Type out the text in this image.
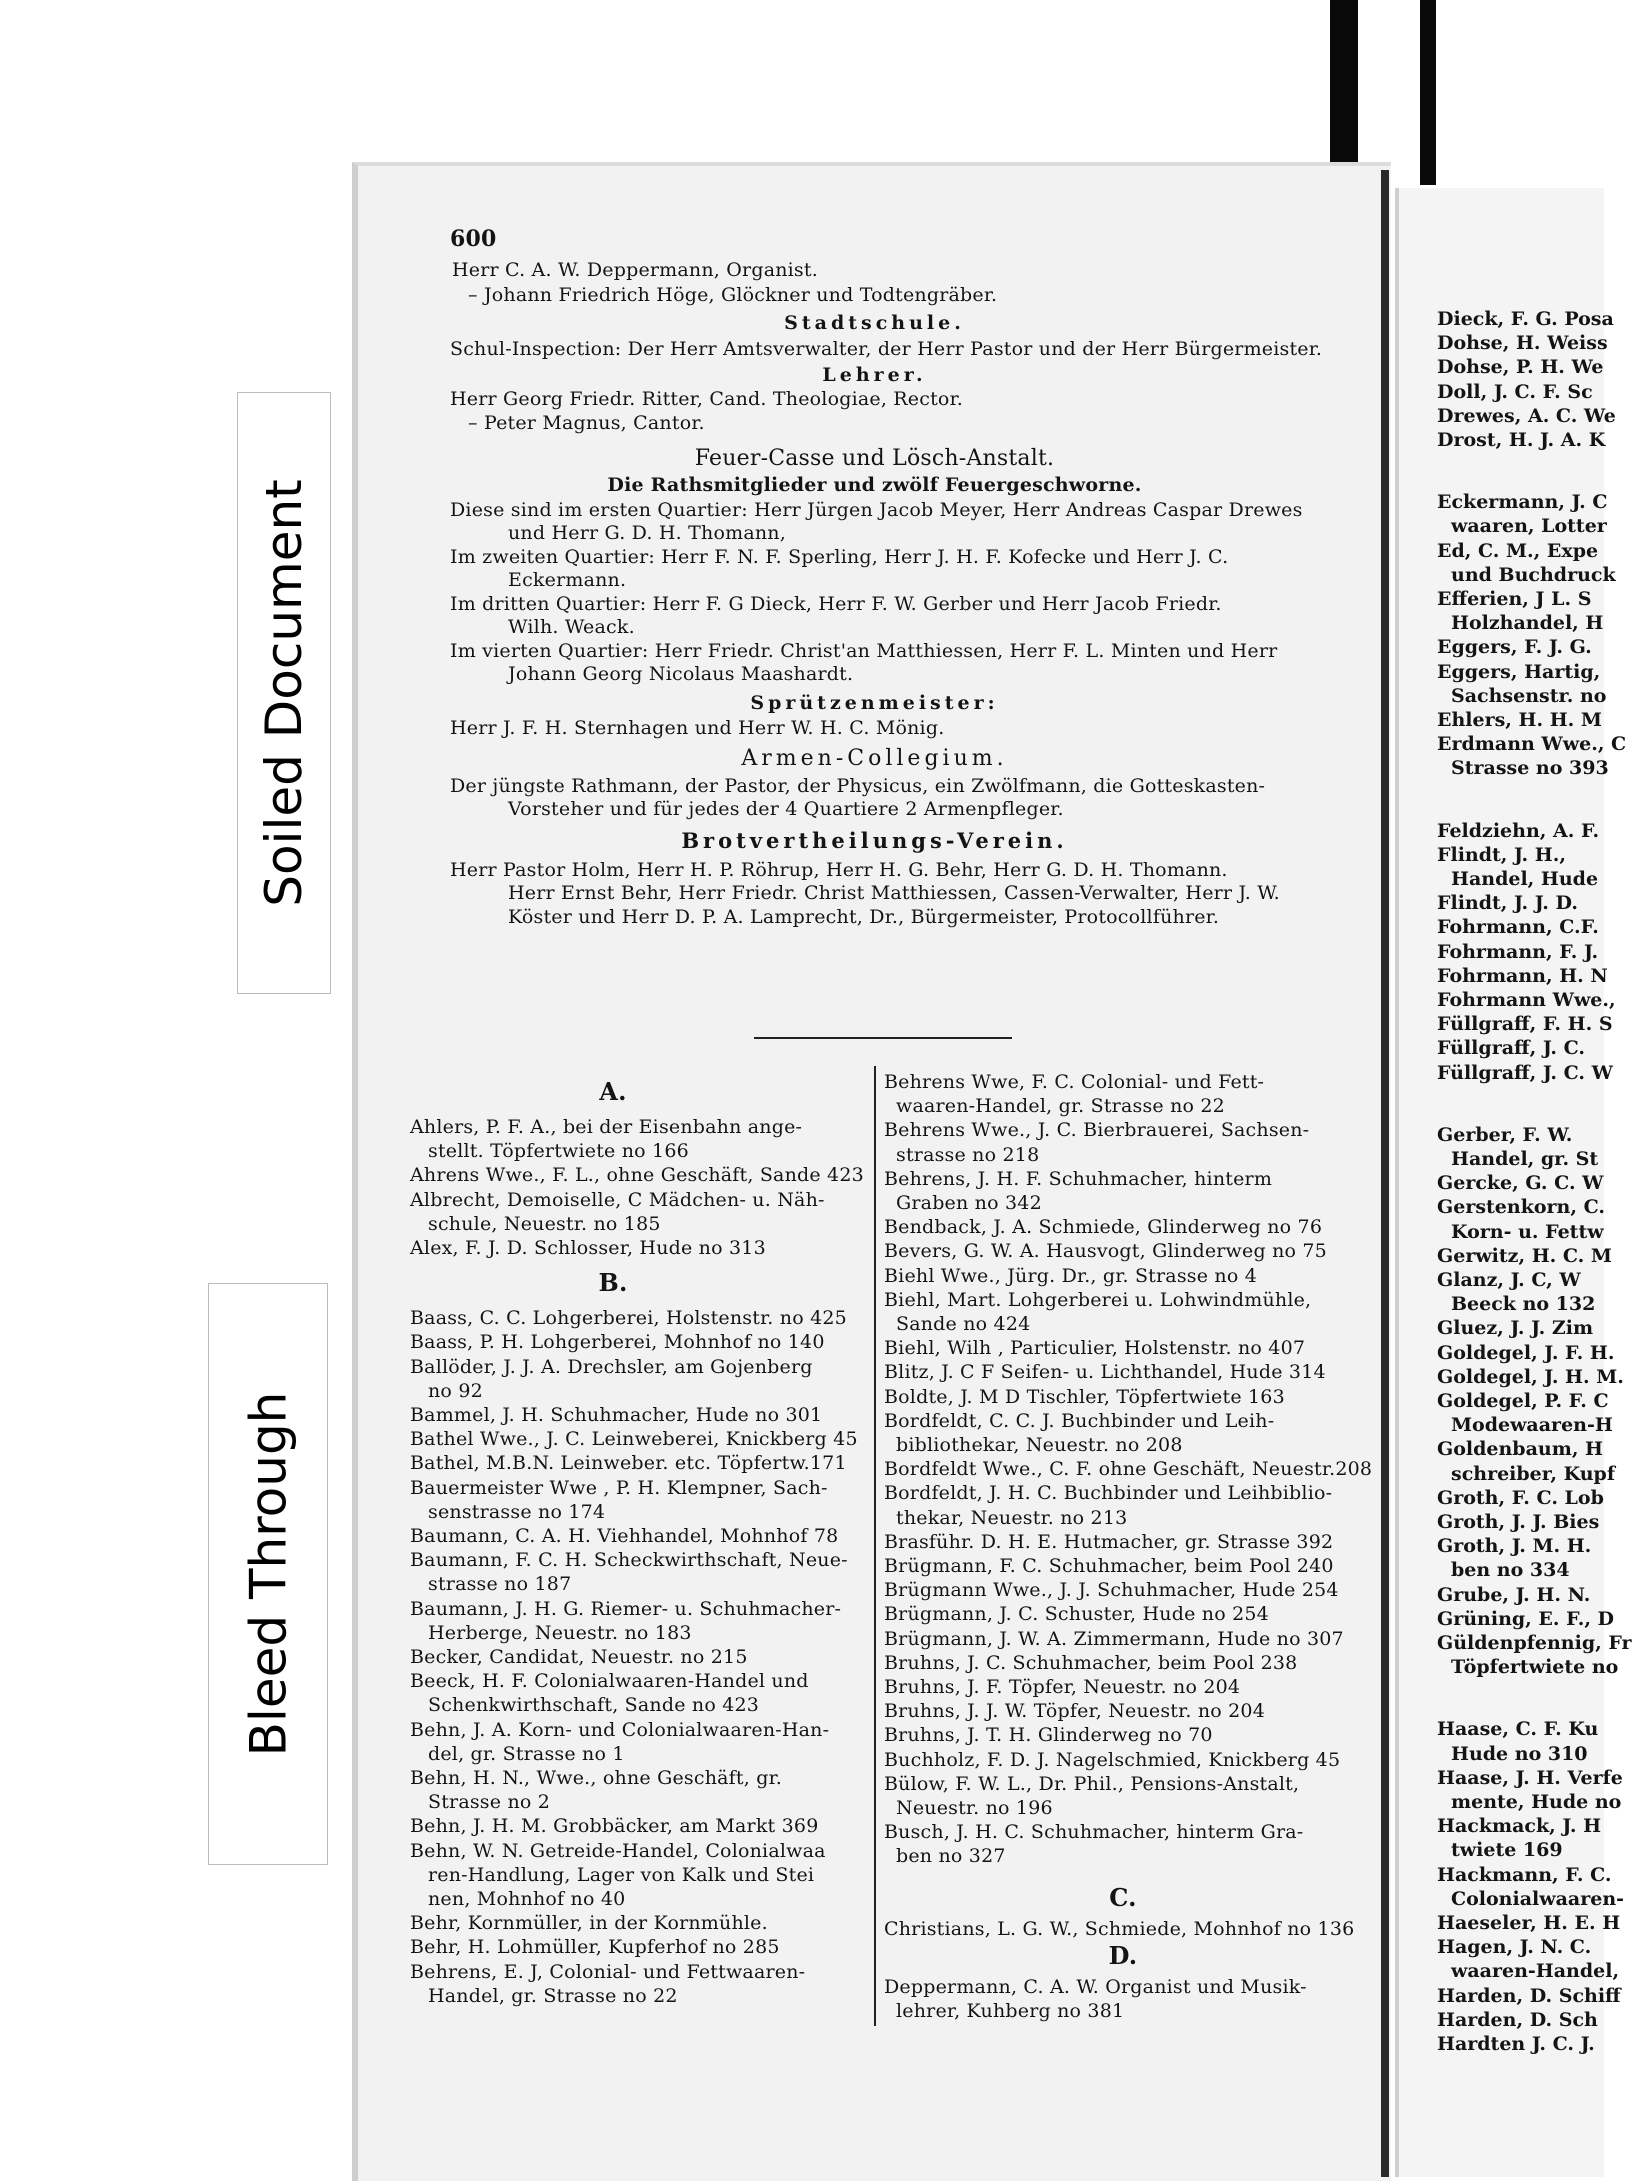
600
Herr C. A. W. Deppermann, Organist.
– Johann Friedrich Höge, Glöckner und Todtengräber.
Stadtschule.
Schul-Inspection: Der Herr Amtsverwalter, der Herr Pastor und der Herr Bürgermeister.
Lehrer.
Herr Georg Friedr. Ritter, Cand. Theologiae, Rector.
– Peter Magnus, Cantor.
Feuer-Casse und Lösch-Anstalt.
Die Rathsmitglieder und zwölf Feuergeschworne.
Diese sind im ersten Quartier: Herr Jürgen Jacob Meyer, Herr Andreas Caspar Drewes
und Herr G. D. H. Thomann,
Im zweiten Quartier: Herr F. N. F. Sperling, Herr J. H. F. Kofecke und Herr J. C.
Eckermann.
Im dritten Quartier: Herr F. G Dieck, Herr F. W. Gerber und Herr Jacob Friedr.
Wilh. Weack.
Im vierten Quartier: Herr Friedr. Christ'an Matthiessen, Herr F. L. Minten und Herr
Johann Georg Nicolaus Maashardt.
Sprützenmeister:
Herr J. F. H. Sternhagen und Herr W. H. C. Mönig.
Armen-Collegium.
Der jüngste Rathmann, der Pastor, der Physicus, ein Zwölfmann, die Gotteskasten-
Vorsteher und für jedes der 4 Quartiere 2 Armenpfleger.
Brotvertheilungs-Verein.
Herr Pastor Holm, Herr H. P. Röhrup, Herr H. G. Behr, Herr G. D. H. Thomann.
Herr Ernst Behr, Herr Friedr. Christ Matthiessen, Cassen-Verwalter, Herr J. W.
Köster und Herr D. P. A. Lamprecht, Dr., Bürgermeister, Protocollführer.
A.
Ahlers, P. F. A., bei der Eisenbahn ange-
stellt. Töpfertwiete no 166
Ahrens Wwe., F. L., ohne Geschäft, Sande 423
Albrecht, Demoiselle, C Mädchen- u. Näh-
schule, Neuestr. no 185
Alex, F. J. D. Schlosser, Hude no 313
B.
Baass, C. C. Lohgerberei, Holstenstr. no 425
Baass, P. H. Lohgerberei, Mohnhof no 140
Ballöder, J. J. A. Drechsler, am Gojenberg
no 92
Bammel, J. H. Schuhmacher, Hude no 301
Bathel Wwe., J. C. Leinweberei, Knickberg 45
Bathel, M.B.N. Leinweber. etc. Töpfertw.171
Bauermeister Wwe , P. H. Klempner, Sach-
senstrasse no 174
Baumann, C. A. H. Viehhandel, Mohnhof 78
Baumann, F. C. H. Scheckwirthschaft, Neue-
strasse no 187
Baumann, J. H. G. Riemer- u. Schuhmacher-
Herberge, Neuestr. no 183
Becker, Candidat, Neuestr. no 215
Beeck, H. F. Colonialwaaren-Handel und
Schenkwirthschaft, Sande no 423
Behn, J. A. Korn- und Colonialwaaren-Han-
del, gr. Strasse no 1
Behn, H. N., Wwe., ohne Geschäft, gr.
Strasse no 2
Behn, J. H. M. Grobbäcker, am Markt 369
Behn, W. N. Getreide-Handel, Colonialwaa
ren-Handlung, Lager von Kalk und Stei
nen, Mohnhof no 40
Behr, Kornmüller, in der Kornmühle.
Behr, H. Lohmüller, Kupferhof no 285
Behrens, E. J, Colonial- und Fettwaaren-
Handel, gr. Strasse no 22
Behrens Wwe, F. C. Colonial- und Fett-
waaren-Handel, gr. Strasse no 22
Behrens Wwe., J. C. Bierbrauerei, Sachsen-
strasse no 218
Behrens, J. H. F. Schuhmacher, hinterm
Graben no 342
Bendback, J. A. Schmiede, Glinderweg no 76
Bevers, G. W. A. Hausvogt, Glinderweg no 75
Biehl Wwe., Jürg. Dr., gr. Strasse no 4
Biehl, Mart. Lohgerberei u. Lohwindmühle,
Sande no 424
Biehl, Wilh , Particulier, Holstenstr. no 407
Blitz, J. C F Seifen- u. Lichthandel, Hude 314
Boldte, J. M D Tischler, Töpfertwiete 163
Bordfeldt, C. C. J. Buchbinder und Leih-
bibliothekar, Neuestr. no 208
Bordfeldt Wwe., C. F. ohne Geschäft, Neuestr.208
Bordfeldt, J. H. C. Buchbinder und Leihbiblio-
thekar, Neuestr. no 213
Brasführ. D. H. E. Hutmacher, gr. Strasse 392
Brügmann, F. C. Schuhmacher, beim Pool 240
Brügmann Wwe., J. J. Schuhmacher, Hude 254
Brügmann, J. C. Schuster, Hude no 254
Brügmann, J. W. A. Zimmermann, Hude no 307
Bruhns, J. C. Schuhmacher, beim Pool 238
Bruhns, J. F. Töpfer, Neuestr. no 204
Bruhns, J. J. W. Töpfer, Neuestr. no 204
Bruhns, J. T. H. Glinderweg no 70
Buchholz, F. D. J. Nagelschmied, Knickberg 45
Bülow, F. W. L., Dr. Phil., Pensions-Anstalt,
Neuestr. no 196
Busch, J. H. C. Schuhmacher, hinterm Gra-
ben no 327
C.
Christians, L. G. W., Schmiede, Mohnhof no 136
D.
Deppermann, C. A. W. Organist und Musik-
lehrer, Kuhberg no 381
Dieck, F. G. Posa
Dohse, H. Weiss
Dohse, P. H. We
Doll, J. C. F. Sc
Drewes, A. C. We
Drost, H. J. A. K
Eckermann, J. C
waaren, Lotter
Ed, C. M., Expe
und Buchdruck
Efferien, J L. S
Holzhandel, H
Eggers, F. J. G.
Eggers, Hartig,
Sachsenstr. no
Ehlers, H. H. M
Erdmann Wwe., C
Strasse no 393
Feldziehn, A. F.
Flindt, J. H.,
Handel, Hude
Flindt, J. J. D.
Fohrmann, C.F.
Fohrmann, F. J.
Fohrmann, H. N
Fohrmann Wwe.,
Füllgraff, F. H. S
Füllgraff, J. C.
Füllgraff, J. C. W
Gerber, F. W.
Handel, gr. St
Gercke, G. C. W
Gerstenkorn, C.
Korn- u. Fettw
Gerwitz, H. C. M
Glanz, J. C, W
Beeck no 132
Gluez, J. J. Zim
Goldegel, J. F. H.
Goldegel, J. H. M.
Goldegel, P. F. C
Modewaaren-H
Goldenbaum, H
schreiber, Kupf
Groth, F. C. Lob
Groth, J. J. Bies
Groth, J. M. H.
ben no 334
Grube, J. H. N.
Grüning, E. F., D
Güldenpfennig, Fr
Töpfertwiete no
Haase, C. F. Ku
Hude no 310
Haase, J. H. Verfe
mente, Hude no
Hackmack, J. H
twiete 169
Hackmann, F. C.
Colonialwaaren-
Haeseler, H. E. H
Hagen, J. N. C.
waaren-Handel,
Harden, D. Schiff
Harden, D. Sch
Hardten J. C. J.
Soiled Document
Bleed Through
